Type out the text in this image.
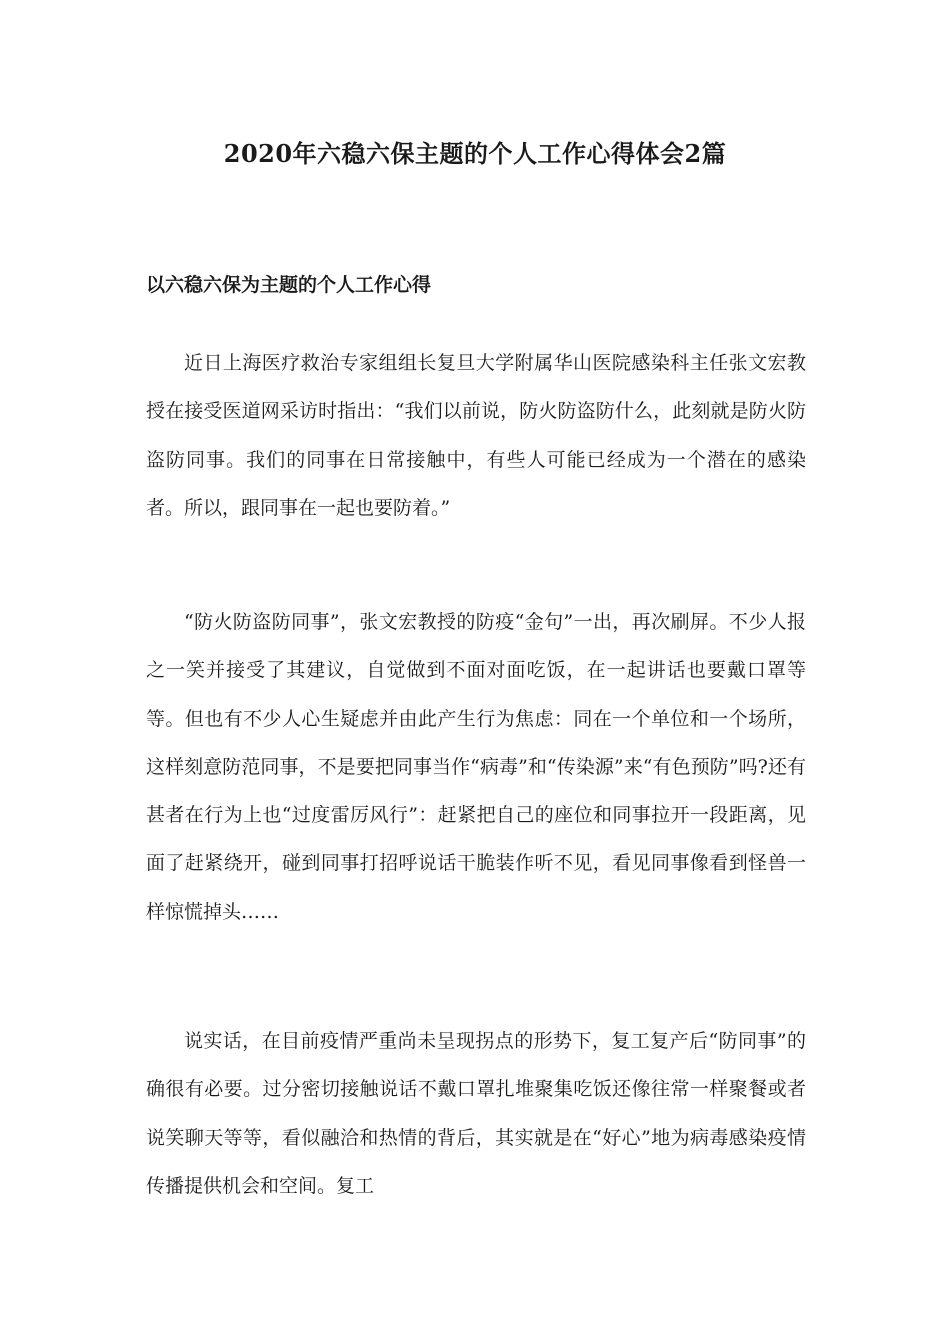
2020年六稳六保主题的个人工作心得体会2篇
以六稳六保为主题的个人工作心得

近日上海医疗救治专家组组长复旦大学附属华山医院感染科主任张文宏教授在接受医道网采访时指出：“我们以前说，防火防盗防什么，此刻就是防火防盗防同事。我们的同事在日常接触中，有些人可能已经成为一个潜在的感染者。所以，跟同事在一起也要防着。”

“防火防盗防同事”，张文宏教授的防疫“金句”一出，再次刷屏。不少人报之一笑并接受了其建议，自觉做到不面对面吃饭，在一起讲话也要戴口罩等等。但也有不少人心生疑虑并由此产生行为焦虑：同在一个单位和一个场所，这样刻意防范同事，不是要把同事当作“病毒”和“传染源”来“有色预防”吗?还有甚者在行为上也“过度雷厉风行”：赶紧把自己的座位和同事拉开一段距离，见面了赶紧绕开，碰到同事打招呼说话干脆装作听不见，看见同事像看到怪兽一样惊慌掉头……

说实话，在目前疫情严重尚未呈现拐点的形势下，复工复产后“防同事”的确很有必要。过分密切接触说话不戴口罩扎堆聚集吃饭还像往常一样聚餐或者说笑聊天等等，看似融洽和热情的背后，其实就是在“好心”地为病毒感染疫情传播提供机会和空间。复工
